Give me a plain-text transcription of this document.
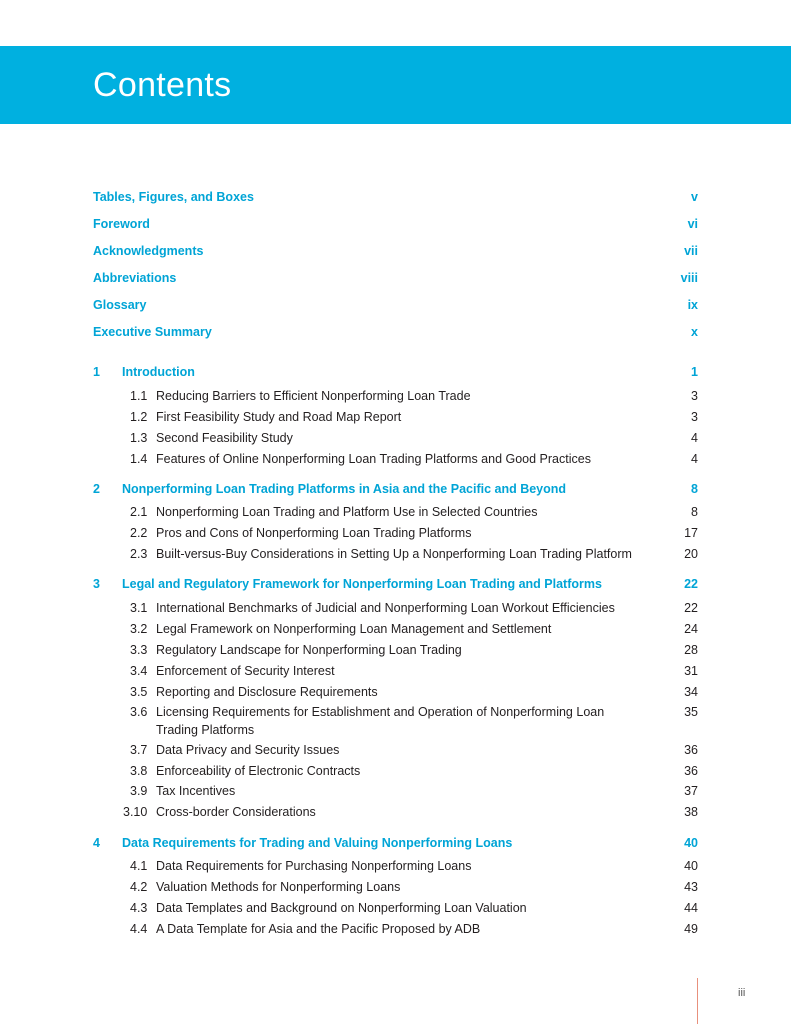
Contents
Tables, Figures, and Boxes	v
Foreword	vi
Acknowledgments	vii
Abbreviations	viii
Glossary	ix
Executive Summary	x
1 Introduction	1
1.1 Reducing Barriers to Efficient Nonperforming Loan Trade	3
1.2 First Feasibility Study and Road Map Report	3
1.3 Second Feasibility Study	4
1.4 Features of Online Nonperforming Loan Trading Platforms and Good Practices	4
2 Nonperforming Loan Trading Platforms in Asia and the Pacific and Beyond	8
2.1 Nonperforming Loan Trading and Platform Use in Selected Countries	8
2.2 Pros and Cons of Nonperforming Loan Trading Platforms	17
2.3 Built-versus-Buy Considerations in Setting Up a Nonperforming Loan Trading Platform	20
3 Legal and Regulatory Framework for Nonperforming Loan Trading and Platforms	22
3.1 International Benchmarks of Judicial and Nonperforming Loan Workout Efficiencies	22
3.2 Legal Framework on Nonperforming Loan Management and Settlement	24
3.3 Regulatory Landscape for Nonperforming Loan Trading	28
3.4 Enforcement of Security Interest	31
3.5 Reporting and Disclosure Requirements	34
3.6 Licensing Requirements for Establishment and Operation of Nonperforming Loan
Trading Platforms
35
3.7 Data Privacy and Security Issues	36
3.8 Enforceability of Electronic Contracts	36
3.9 Tax Incentives	37
3.10 Cross-border Considerations	38
4 Data Requirements for Trading and Valuing Nonperforming Loans	40
4.1 Data Requirements for Purchasing Nonperforming Loans	40
4.2 Valuation Methods for Nonperforming Loans	43
4.3 Data Templates and Background on Nonperforming Loan Valuation	44
4.4 A Data Template for Asia and the Pacific Proposed by ADB	49
iii
